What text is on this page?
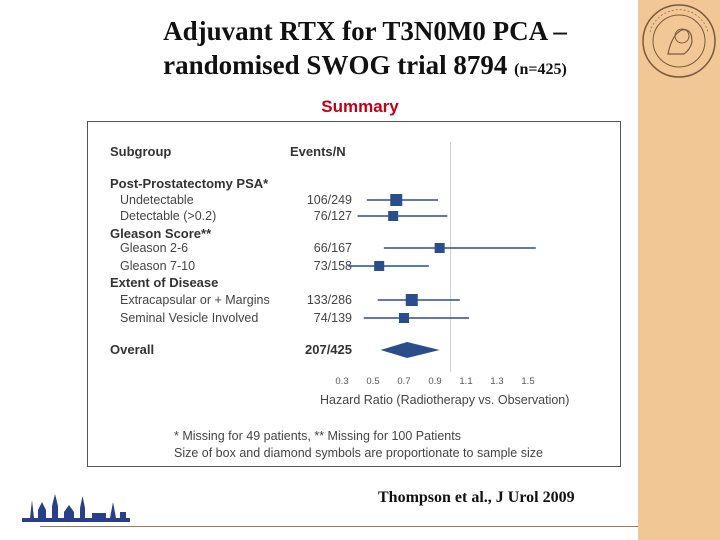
Adjuvant RTX for T3N0M0 PCA –
randomised SWOG trial 8794 (n=425)
Summary
Subgroup	Events/N
Post-Prostatectomy PSA*
Undetectable	106/249
Detectable (>0.2)	76/127
Gleason Score**
Gleason 2-6	66/167
Gleason 7-10	73/158
Extent of Disease
Extracapsular or + Margins	133/286
Seminal Vesicle Involved	74/139
Overall	207/425
0.3 0.5 0.7 0.9 1.1 1.3 1.5
Hazard Ratio (Radiotherapy vs. Observation)
* Missing for 49 patients, ** Missing for 100 Patients
Size of box and diamond symbols are proportionate to sample size
Thompson et al., J Urol 2009
